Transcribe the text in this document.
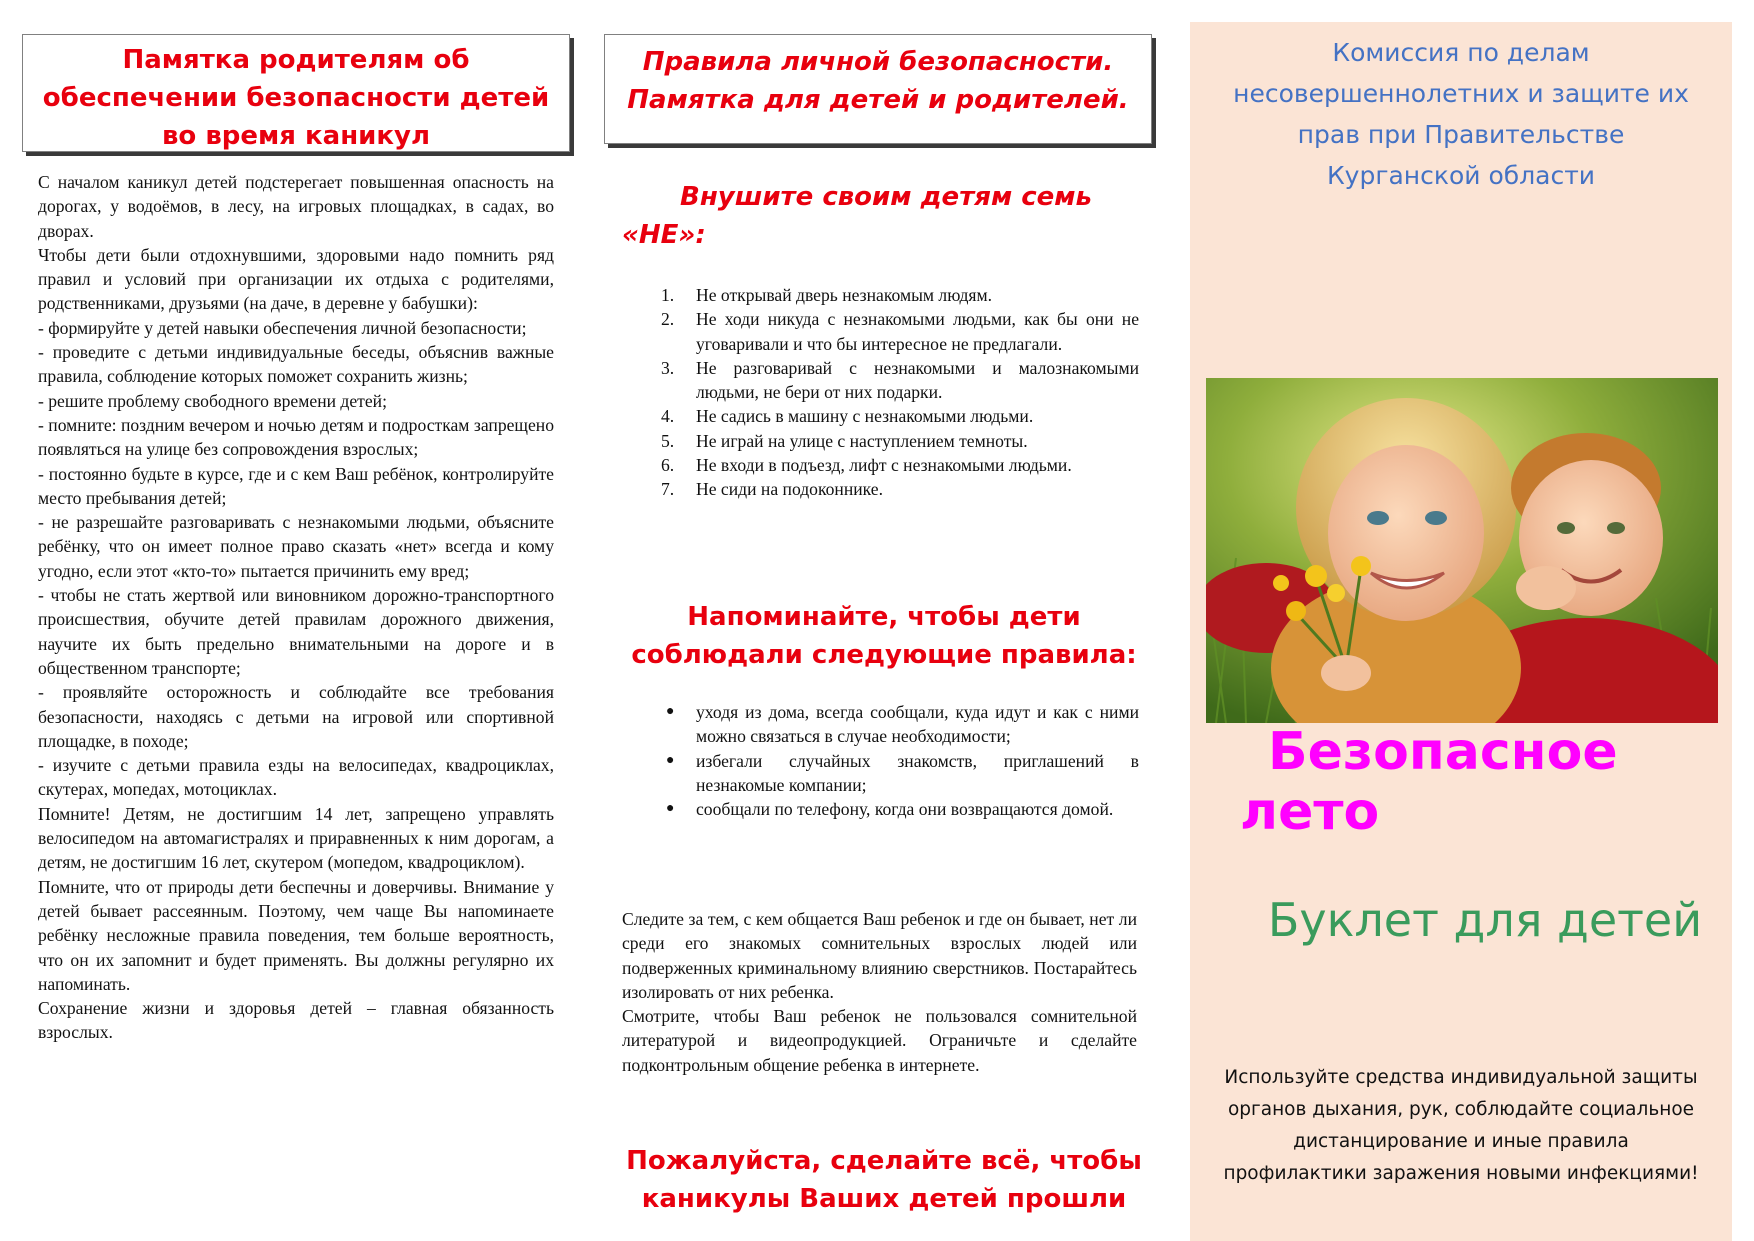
Памятка родителям об обеспечении безопасности детей во время каникул

С началом каникул детей подстерегает повышенная опасность на дорогах, у водоёмов, в лесу, на игровых площадках, в садах, во дворах.

Чтобы дети были отдохнувшими, здоровыми надо помнить ряд правил и условий при организации их отдыха с родителями, родственниками, друзьями (на даче, в деревне у бабушки):

- формируйте у детей навыки обеспечения личной безопасности;

- проведите с детьми индивидуальные беседы, объяснив важные правила, соблюдение которых поможет сохранить жизнь;

- решите проблему свободного времени детей;

- помните: поздним вечером и ночью детям и подросткам запрещено появляться на улице без сопровождения взрослых;

- постоянно будьте в курсе, где и с кем Ваш ребёнок, контролируйте место пребывания детей;

- не разрешайте разговаривать с незнакомыми людьми, объясните ребёнку, что он имеет полное право сказать «нет» всегда и кому угодно, если этот «кто-то» пытается причинить ему вред;

- чтобы не стать жертвой или виновником дорожно-транспортного происшествия, обучите детей правилам дорожного движения, научите их быть предельно внимательными на дороге и в общественном транспорте;

- проявляйте осторожность и соблюдайте все требования безопасности, находясь с детьми на игровой или спортивной площадке, в походе;

- изучите с детьми правила езды на велосипедах, квадроциклах, скутерах, мопедах, мотоциклах.

Помните! Детям, не достигшим 14 лет, запрещено управлять велосипедом на автомагистралях и приравненных к ним дорогам, а детям, не достигшим 16 лет, скутером (мопедом, квадроциклом).

Помните, что от природы дети беспечны и доверчивы. Внимание у детей бывает рассеянным. Поэтому, чем чаще Вы напоминаете ребёнку несложные правила поведения, тем больше вероятность, что он их запомнит и будет применять. Вы должны регулярно их напоминать.

Сохранение жизни и здоровья детей – главная обязанность взрослых.

Правила личной безопасности.
Памятка для детей и родителей.
Внушите своим детям семь
«НЕ»:
1. Не открывай дверь незнакомым людям.
2. Не ходи никуда с незнакомыми людьми, как бы они не уговаривали и что бы интересное не предлагали.
3. Не разговаривай с незнакомыми и малознакомыми людьми, не бери от них подарки.
4. Не садись в машину с незнакомыми людьми.
5. Не играй на улице с наступлением темноты.
6. Не входи в подъезд, лифт с незнакомыми людьми.
7. Не сиди на подоконнике.
Напоминайте, чтобы дети
соблюдали следующие правила:
● уходя из дома, всегда сообщали, куда идут и как с ними можно связаться в случае необходимости;
● избегали случайных знакомств, приглашений в незнакомые компании;
● сообщали по телефону, когда они возвращаются домой.

Следите за тем, с кем общается Ваш ребенок и где он бывает, нет ли среди его знакомых сомнительных взрослых людей или подверженных криминальному влиянию сверстников. Постарайтесь изолировать от них ребенка.

Смотрите, чтобы Ваш ребенок не пользовался сомнительной литературой и видеопродукцией. Ограничьте и сделайте подконтрольным общение ребенка в интернете.

Пожалуйста, сделайте всё, чтобы
каникулы Ваших детей прошли
Комиссия по делам несовершеннолетних и защите их прав при Правительстве Курганской области
Безопасное
лето
Буклет для детей
Используйте средства индивидуальной защиты органов дыхания, рук, соблюдайте социальное дистанцирование и иные правила профилактики заражения новыми инфекциями!
